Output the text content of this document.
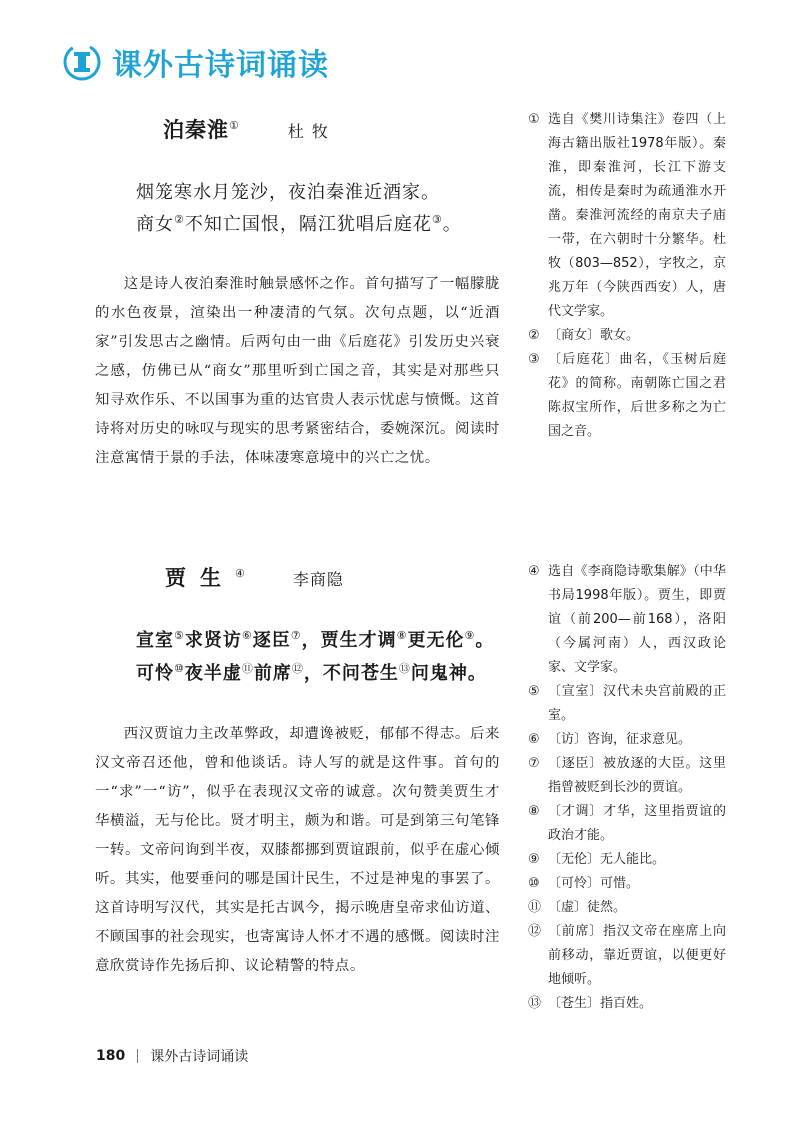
课外古诗词诵读
泊秦淮①	杜牧
烟笼寒水月笼沙，夜泊秦淮近酒家。
商女②不知亡国恨，隔江犹唱后庭花③。

这是诗人夜泊秦淮时触景感怀之作。首句描写了一幅朦胧的水色夜景，渲染出一种凄清的气氛。次句点题，以“近酒家”引发思古之幽情。后两句由一曲《后庭花》引发历史兴衰之感，仿佛已从“商女”那里听到亡国之音，其实是对那些只知寻欢作乐、不以国事为重的达官贵人表示忧虑与愤慨。这首诗将对历史的咏叹与现实的思考紧密结合，委婉深沉。阅读时注意寓情于景的手法，体味凄寒意境中的兴亡之忧。

① 选自《樊川诗集注》卷四（上海古籍出版社1978年版）。秦淮，即秦淮河，长江下游支流，相传是秦时为疏通淮水开凿。秦淮河流经的南京夫子庙一带，在六朝时十分繁华。杜牧（803—852），字牧之，京兆万年（今陕西西安）人，唐代文学家。
② 〔商女〕歌女。
③ 〔后庭花〕曲名，《玉树后庭花》的简称。南朝陈亡国之君陈叔宝所作，后世多称之为亡国之音。
贾生④	李商隐
宣室⑤求贤访⑥逐臣⑦，贾生才调⑧更无伦⑨。
可怜⑩夜半虚⑪前席⑫，不问苍生⑬问鬼神。

西汉贾谊力主改革弊政，却遭谗被贬，郁郁不得志。后来汉文帝召还他，曾和他谈话。诗人写的就是这件事。首句的一“求”一“访”，似乎在表现汉文帝的诚意。次句赞美贾生才华横溢，无与伦比。贤才明主，颇为和谐。可是到第三句笔锋一转。文帝问询到半夜，双膝都挪到贾谊跟前，似乎在虚心倾听。其实，他要垂问的哪是国计民生，不过是神鬼的事罢了。这首诗明写汉代，其实是托古讽今，揭示晚唐皇帝求仙访道、不顾国事的社会现实，也寄寓诗人怀才不遇的感慨。阅读时注意欣赏诗作先扬后抑、议论精警的特点。

④ 选自《李商隐诗歌集解》（中华书局1998年版）。贾生，即贾谊（前200—前168），洛阳（今属河南）人，西汉政论家、文学家。
⑤ 〔宣室〕汉代未央宫前殿的正室。
⑥ 〔访〕咨询，征求意见。
⑦ 〔逐臣〕被放逐的大臣。这里指曾被贬到长沙的贾谊。
⑧ 〔才调〕才华，这里指贾谊的政治才能。
⑨ 〔无伦〕无人能比。
⑩ 〔可怜〕可惜。
⑪ 〔虚〕徒然。
⑫ 〔前席〕指汉文帝在座席上向前移动，靠近贾谊，以便更好地倾听。
⑬ 〔苍生〕指百姓。
180 课外古诗词诵读
